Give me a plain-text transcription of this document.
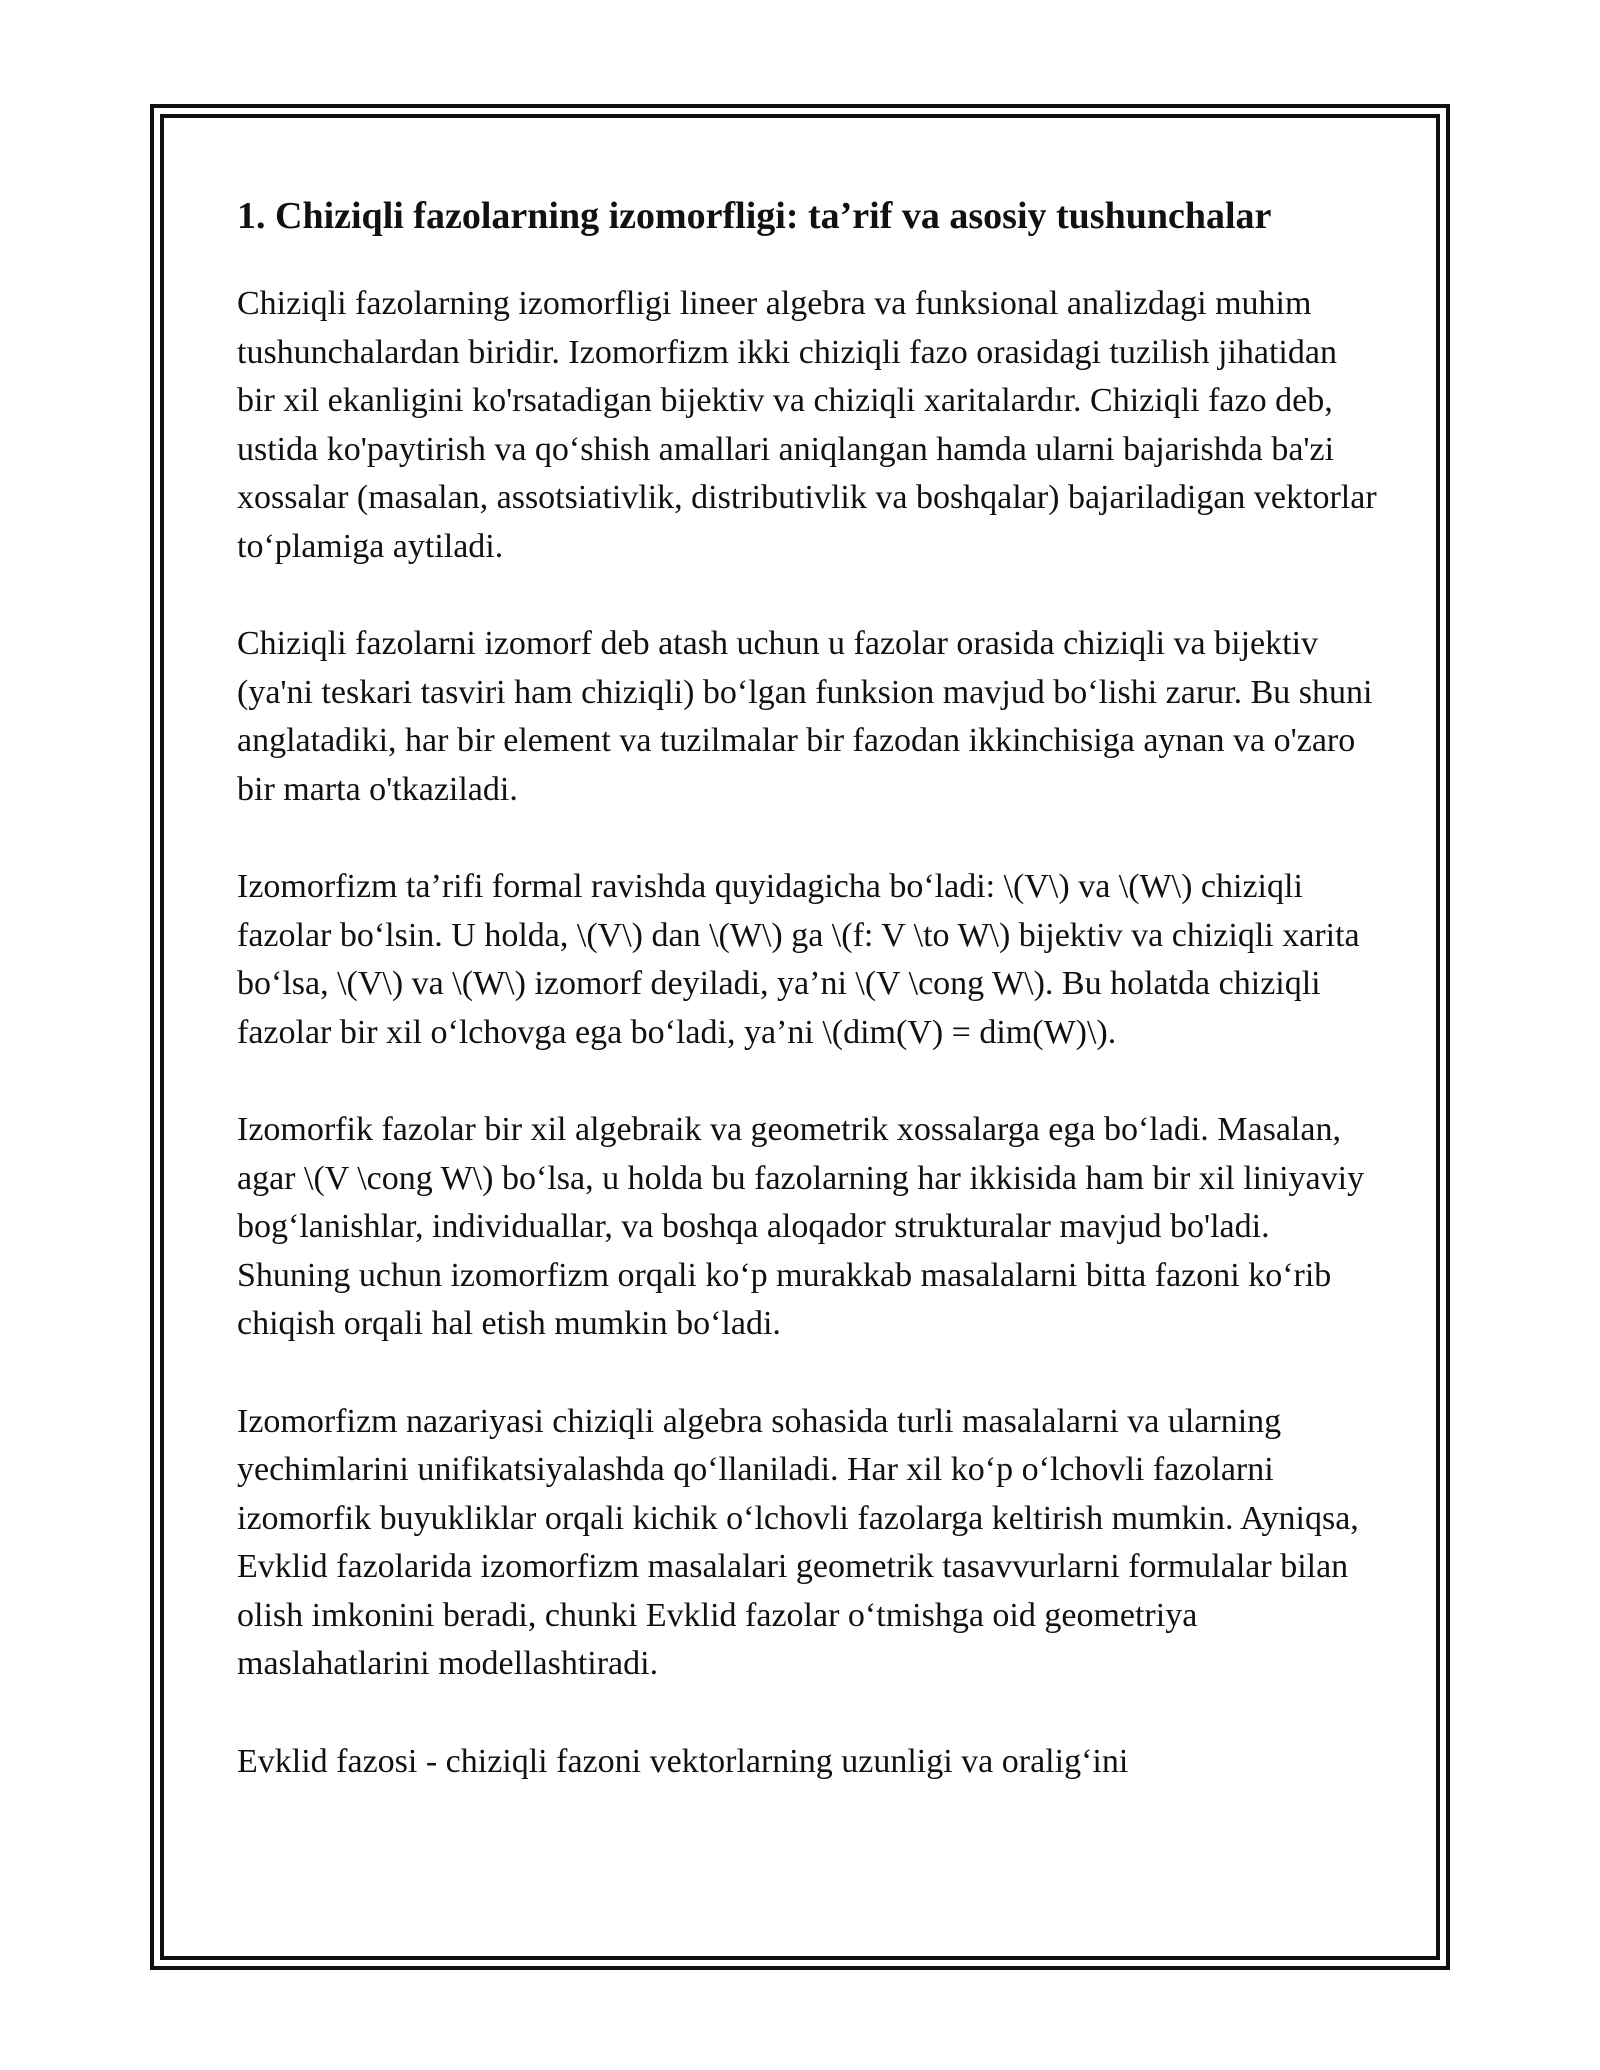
1. Chiziqli fazolarning izomorfligi: ta’rif va asosiy tushunchalar

Chiziqli fazolarning izomorfligi lineer algebra va funksional analizdagi muhim tushunchalardan biridir. Izomorfizm ikki chiziqli fazo orasidagi tuzilish jihatidan bir xil ekanligini ko'rsatadigan bijektiv va chiziqli xaritalardır. Chiziqli fazo deb, ustida ko'paytirish va qo‘shish amallari aniqlangan hamda ularni bajarishda ba'zi xossalar (masalan, assotsiativlik, distributivlik va boshqalar) bajariladigan vektorlar to‘plamiga aytiladi.

Chiziqli fazolarni izomorf deb atash uchun u fazolar orasida chiziqli va bijektiv (ya'ni teskari tasviri ham chiziqli) bo‘lgan funksion mavjud bo‘lishi zarur. Bu shuni anglatadiki, har bir element va tuzilmalar bir fazodan ikkinchisiga aynan va o'zaro bir marta o'tkaziladi.

Izomorfizm ta’rifi formal ravishda quyidagicha bo‘ladi: \(V\) va \(W\) chiziqli fazolar bo‘lsin. U holda, \(V\) dan \(W\) ga \(f: V \to W\) bijektiv va chiziqli xarita bo‘lsa, \(V\) va \(W\) izomorf deyiladi, ya’ni \(V \cong W\). Bu holatda chiziqli fazolar bir xil o‘lchovga ega bo‘ladi, ya’ni \(dim(V) = dim(W)\).

Izomorfik fazolar bir xil algebraik va geometrik xossalarga ega bo‘ladi. Masalan, agar \(V \cong W\) bo‘lsa, u holda bu fazolarning har ikkisida ham bir xil liniyaviy bog‘lanishlar, individuallar, va boshqa aloqador strukturalar mavjud bo'ladi. Shuning uchun izomorfizm orqali ko‘p murakkab masalalarni bitta fazoni ko‘rib chiqish orqali hal etish mumkin bo‘ladi.

Izomorfizm nazariyasi chiziqli algebra sohasida turli masalalarni va ularning yechimlarini unifikatsiyalashda qo‘llaniladi. Har xil ko‘p o‘lchovli fazolarni izomorfik buyukliklar orqali kichik o‘lchovli fazolarga keltirish mumkin. Ayniqsa, Evklid fazolarida izomorfizm masalalari geometrik tasavvurlarni formulalar bilan olish imkonini beradi, chunki Evklid fazolar o‘tmishga oid geometriya maslahatlarini modellashtiradi.

Evklid fazosi - chiziqli fazoni vektorlarning uzunligi va oralig‘ini
